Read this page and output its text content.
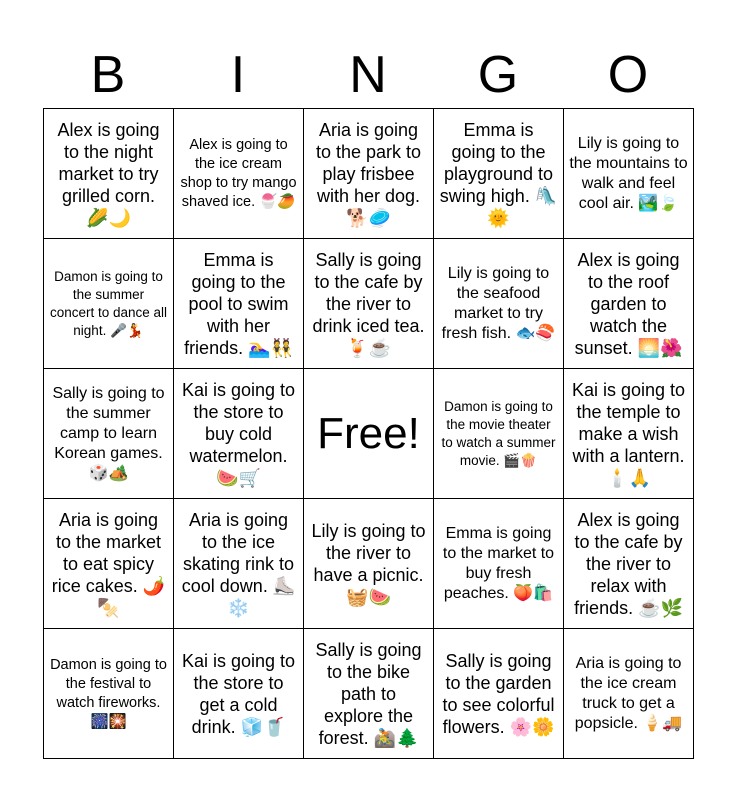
B	I	N	G	O
Alex is going to the night market to try grilled corn. 🌽🌙	Alex is going to the ice cream shop to try mango shaved ice. 🍧🥭	Aria is going to the park to play frisbee with her dog. 🐕🥏	Emma is going to the playground to swing high. 🛝🌞	Lily is going to the mountains to walk and feel cool air. 🏞️🍃
Damon is going to the summer concert to dance all night. 🎤💃	Emma is going to the pool to swim with her friends. 🏊‍♀️👯	Sally is going to the cafe by the river to drink iced tea. 🍹☕	Lily is going to the seafood market to try fresh fish. 🐟🍣	Alex is going to the roof garden to watch the sunset. 🌅🌺
Sally is going to the summer camp to learn Korean games. 🎲🏕️	Kai is going to the store to buy cold watermelon. 🍉🛒	Free!	Damon is going to the movie theater to watch a summer movie. 🎬🍿	Kai is going to the temple to make a wish with a lantern. 🕯️🙏
Aria is going to the market to eat spicy rice cakes. 🌶️🍢	Aria is going to the ice skating rink to cool down. ⛸️❄️	Lily is going to the river to have a picnic. 🧺🍉	Emma is going to the market to buy fresh peaches. 🍑🛍️	Alex is going to the cafe by the river to relax with friends. ☕🌿
Damon is going to the festival to watch fireworks. 🎆🎇	Kai is going to the store to get a cold drink. 🧊🥤	Sally is going to the bike path to explore the forest. 🚵🌲	Sally is going to the garden to see colorful flowers. 🌸🌼	Aria is going to the ice cream truck to get a popsicle. 🍦🚚
